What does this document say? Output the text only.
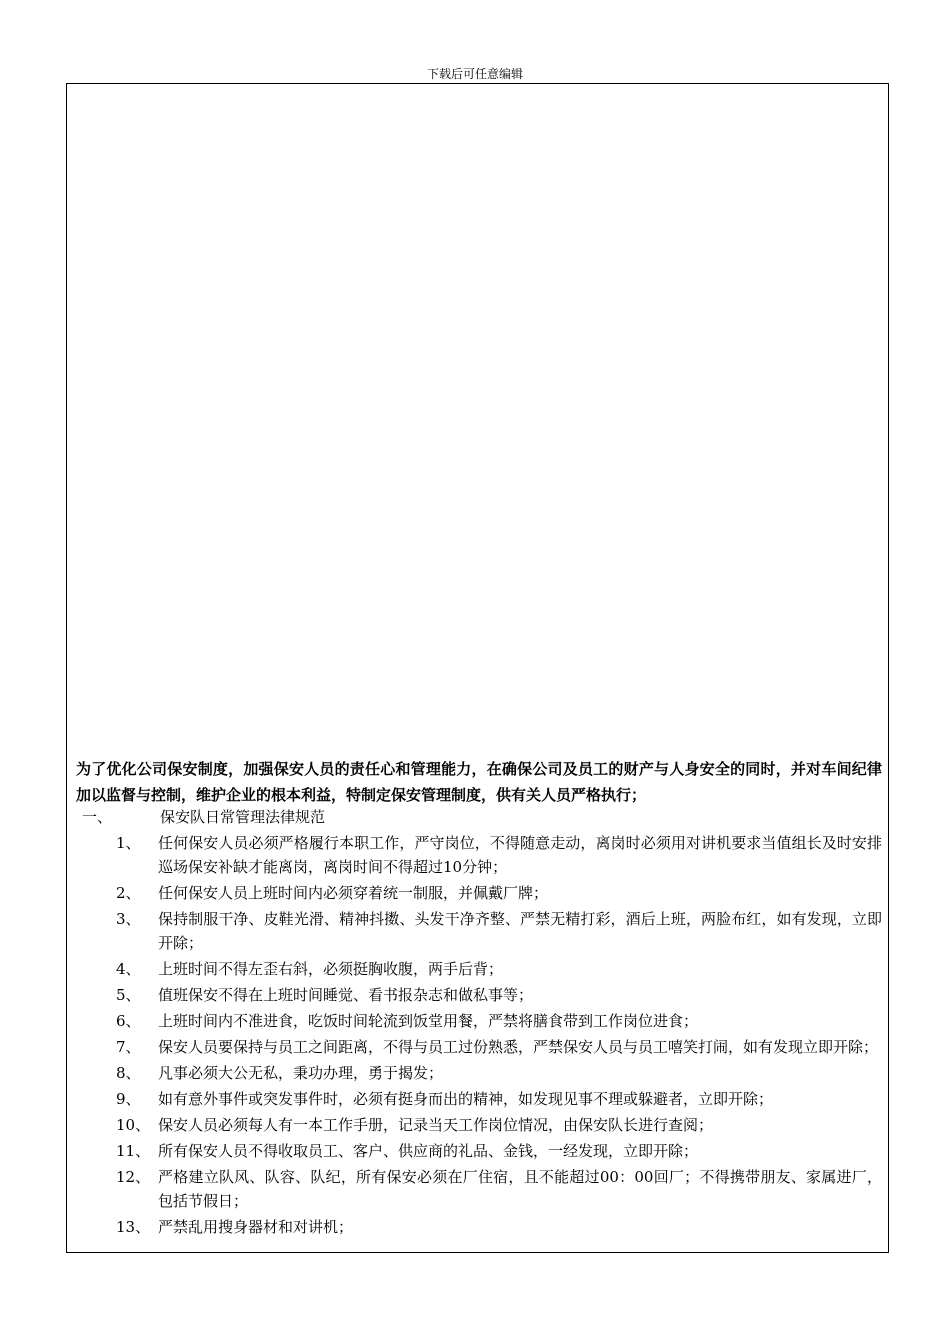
下载后可任意编辑
为了优化公司保安制度，加强保安人员的责任心和管理能力，在确保公司及员工的财产与人身安全的同时，并对车间纪律加以监督与控制，维护企业的根本利益，特制定保安管理制度，供有关人员严格执行；
一、	保安队日常管理法律规范
1、	任何保安人员必须严格履行本职工作，严守岗位，不得随意走动，离岗时必须用对讲机要求当值组长及时安排巡场保安补缺才能离岗，离岗时间不得超过10分钟；
2、	任何保安人员上班时间内必须穿着统一制服，并佩戴厂牌；
3、	保持制服干净、皮鞋光滑、精神抖擞、头发干净齐整、严禁无精打彩，酒后上班，两脸布红，如有发现，立即开除；
4、	上班时间不得左歪右斜，必须挺胸收腹，两手后背；
5、	值班保安不得在上班时间睡觉、看书报杂志和做私事等；
6、	上班时间内不准进食，吃饭时间轮流到饭堂用餐，严禁将膳食带到工作岗位进食；
7、	保安人员要保持与员工之间距离，不得与员工过份熟悉，严禁保安人员与员工嘻笑打闹，如有发现立即开除；
8、	凡事必须大公无私，秉功办理，勇于揭发；
9、	如有意外事件或突发事件时，必须有挺身而出的精神，如发现见事不理或躲避者，立即开除；
10、 保安人员必须每人有一本工作手册，记录当天工作岗位情况，由保安队长进行查阅；
11、 所有保安人员不得收取员工、客户、供应商的礼品、金钱，一经发现，立即开除；
12、 严格建立队风、队容、队纪，所有保安必须在厂住宿，且不能超过00：00回厂；不得携带朋友、家属进厂，包括节假日；
13、 严禁乱用搜身器材和对讲机；
